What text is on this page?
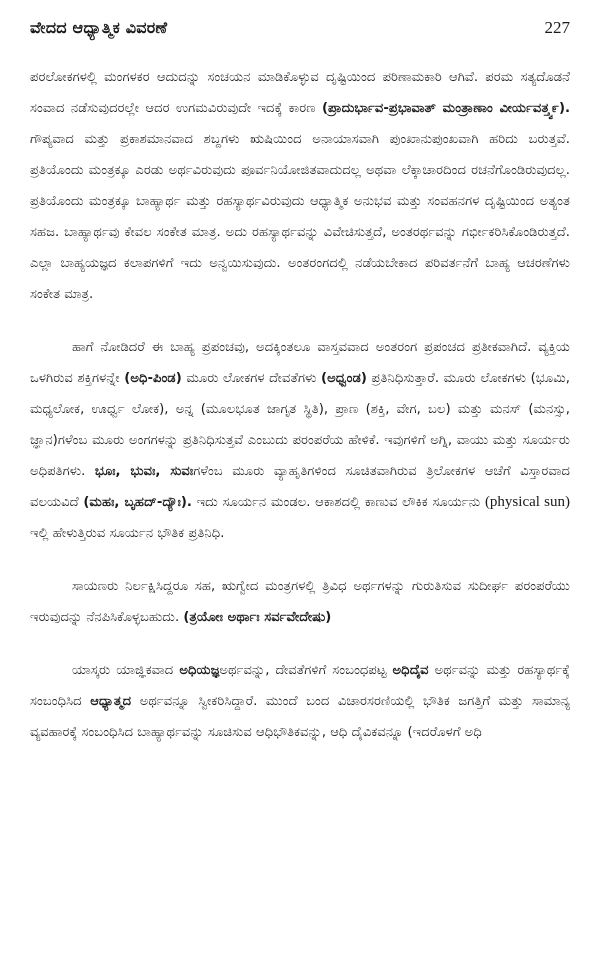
ವೇದದ ಆಧ್ಯಾತ್ಮಿಕ ವಿವರಣೆ	227

ಪರಲೋಕಗಳಲ್ಲಿ ಮಂಗಳಕರ ಆದುದನ್ನು ಸಂಚಯನ ಮಾಡಿಕೊಳ್ಳುವ ದೃಷ್ಟಿಯಿಂದ ಪರಿಣಾಮಕಾರಿ ಆಗಿವೆ. ಪರಮ ಸತ್ಯದೊಡನೆ ಸಂವಾದ ನಡೆಸುವುದರಲ್ಲೇ ಆದರ ಉಗಮವಿರುವುದೇ ಇದಕ್ಕೆ ಕಾರಣ (ಪ್ರಾದುರ್ಭಾವ-ಪ್ರಭಾವಾತ್ ಮಂತ್ರಾಣಾಂ ವೀರ್ಯವತ್ತ್ವ೯). ಗೌಪ್ಯವಾದ ಮತ್ತು ಪ್ರಕಾಶಮಾನವಾದ ಶಬ್ದಗಳು ಋಷಿಯಿಂದ ಅನಾಯಾಸವಾಗಿ ಪುಂಖಾನುಪುಂಖವಾಗಿ ಹರಿದು ಬರುತ್ತವೆ. ಪ್ರತಿಯೊಂದು ಮಂತ್ರಕ್ಕೂ ಎರಡು ಅರ್ಥವಿರುವುದು ಪೂರ್ವನಿಯೋಜಿತವಾದುದಲ್ಲ ಅಥವಾ ಲೆಕ್ಕಾಚಾರದಿಂದ ರಚನೆಗೊಂಡಿರುವುದಲ್ಲ. ಪ್ರತಿಯೊಂದು ಮಂತ್ರಕ್ಕೂ ಬಾಹ್ಯಾರ್ಥ ಮತ್ತು ರಹಸ್ಯಾರ್ಥವಿರುವುದು ಆಧ್ಯಾತ್ಮಿಕ ಅನುಭವ ಮತ್ತು ಸಂವಹನಗಳ ದೃಷ್ಟಿಯಿಂದ ಅತ್ಯಂತ ಸಹಜ. ಬಾಹ್ಯಾರ್ಥವು ಕೇವಲ ಸಂಕೇತ ಮಾತ್ರ. ಅದು ರಹಸ್ಯಾರ್ಥವನ್ನು ವಿವೇಚಿಸುತ್ತದೆ, ಅಂತರರ್ಥವನ್ನು ಗರ್ಭೀಕರಿಸಿಕೊಂಡಿರುತ್ತದೆ. ಎಲ್ಲಾ ಬಾಹ್ಯಯಜ್ಞದ ಕಲಾಪಗಳಿಗೆ ಇದು ಅನ್ವಯಿಸುವುದು. ಅಂತರಂಗದಲ್ಲಿ ನಡೆಯಬೇಕಾದ ಪರಿವರ್ತನೆಗೆ ಬಾಹ್ಯ ಆಚರಣೆಗಳು ಸಂಕೇತ ಮಾತ್ರ.

ಹಾಗೆ ನೋಡಿದರೆ ಈ ಬಾಹ್ಯ ಪ್ರಪಂಚವು, ಅದಕ್ಕಿಂತಲೂ ವಾಸ್ತವವಾದ ಅಂತರಂಗ ಪ್ರಪಂಚದ ಪ್ರತೀಕವಾಗಿದೆ. ವ್ಯಕ್ತಿಯ ಒಳಗಿರುವ ಶಕ್ತಿಗಳನ್ನೇ (ಅಧಿ-ಪಿಂಡ) ಮೂರು ಲೋಕಗಳ ದೇವತೆಗಳು (ಅಧ್ವಂಡ) ಪ್ರತಿನಿಧಿಸುತ್ತಾರೆ. ಮೂರು ಲೋಕಗಳು (ಭೂಮಿ, ಮಧ್ಯಲೋಕ, ಊರ್ಧ್ವ ಲೋಕ), ಅನ್ನ (ಮೂಲಭೂತ ಜಾಗೃತ ಸ್ಥಿತಿ), ಪ್ರಾಣ (ಶಕ್ತಿ, ವೇಗ, ಬಲ) ಮತ್ತು ಮನಸ್ (ಮನಸ್ಸು, ಜ್ಞಾನ)ಗಳೆಂಬ ಮೂರು ಅಂಗಗಳನ್ನು ಪ್ರತಿನಿಧಿಸುತ್ತವೆ ಎಂಬುದು ಪರಂಪರೆಯ ಹೇಳಿಕೆ. ಇವುಗಳಿಗೆ ಅಗ್ನಿ, ವಾಯು ಮತ್ತು ಸೂರ್ಯರು ಅಧಿಪತಿಗಳು. ಭೂಃ, ಭುವಃ, ಸುವಃಗಳೆಂಬ ಮೂರು ವ್ಯಾಹೃತಿಗಳಿಂದ ಸೂಚಿತವಾಗಿರುವ ತ್ರಿಲೋಕಗಳ ಆಚೆಗೆ ವಿಸ್ತಾರವಾದ ವಲಯವಿದೆ (ಮಹಃ, ಬೃಹದ್-ದ್ಯೌಃ). ಇದು ಸೂರ್ಯನ ಮಂಡಲ. ಆಕಾಶದಲ್ಲಿ ಕಾಣುವ ಲೌಕಿಕ ಸೂರ್ಯನು (physical sun) ಇಲ್ಲಿ ಹೇಳುತ್ತಿರುವ ಸೂರ್ಯನ ಭೌತಿಕ ಪ್ರತಿನಿಧಿ.

ಸಾಯಣರು ನಿರ್ಲಕ್ಷಿಸಿದ್ದರೂ ಸಹ, ಋಗ್ವೇದ ಮಂತ್ರಗಳಲ್ಲಿ ತ್ರಿವಿಧ ಅರ್ಥಗಳನ್ನು ಗುರುತಿಸುವ ಸುದೀರ್ಘ ಪರಂಪರೆಯು ಇರುವುದನ್ನು ನೆನಪಿಸಿಕೊಳ್ಳಬಹುದು. (ತ್ರಯೋಃ ಅರ್ಥಾಃ ಸರ್ವವೇದೇಷು)

ಯಾಸ್ಕರು ಯಾಜ್ಞಿಕವಾದ ಅಧಿಯಜ್ಞಅರ್ಥವನ್ನು, ದೇವತೆಗಳಿಗೆ ಸಂಬಂಧಪಟ್ಟ ಅಧಿದೈವ ಅರ್ಥವನ್ನು ಮತ್ತು ರಹಸ್ಯಾರ್ಥಕ್ಕೆ ಸಂಬಂಧಿಸಿದ ಆಧ್ಯಾತ್ಮದ ಅರ್ಥವನ್ನೂ ಸ್ವೀಕರಿಸಿದ್ದಾರೆ. ಮುಂದೆ ಬಂದ ವಿಚಾರಸರಣಿಯಲ್ಲಿ ಭೌತಿಕ ಜಗತ್ತಿಗೆ ಮತ್ತು ಸಾಮಾನ್ಯ ವ್ಯವಹಾರಕ್ಕೆ ಸಂಬಂಧಿಸಿದ ಬಾಹ್ಯಾರ್ಥವನ್ನು ಸೂಚಿಸುವ ಆಧಿಭೌತಿಕವನ್ನು, ಆಧಿ ದೈವಿಕವನ್ನೂ (ಇದರೊಳಗೆ ಅಧಿ
